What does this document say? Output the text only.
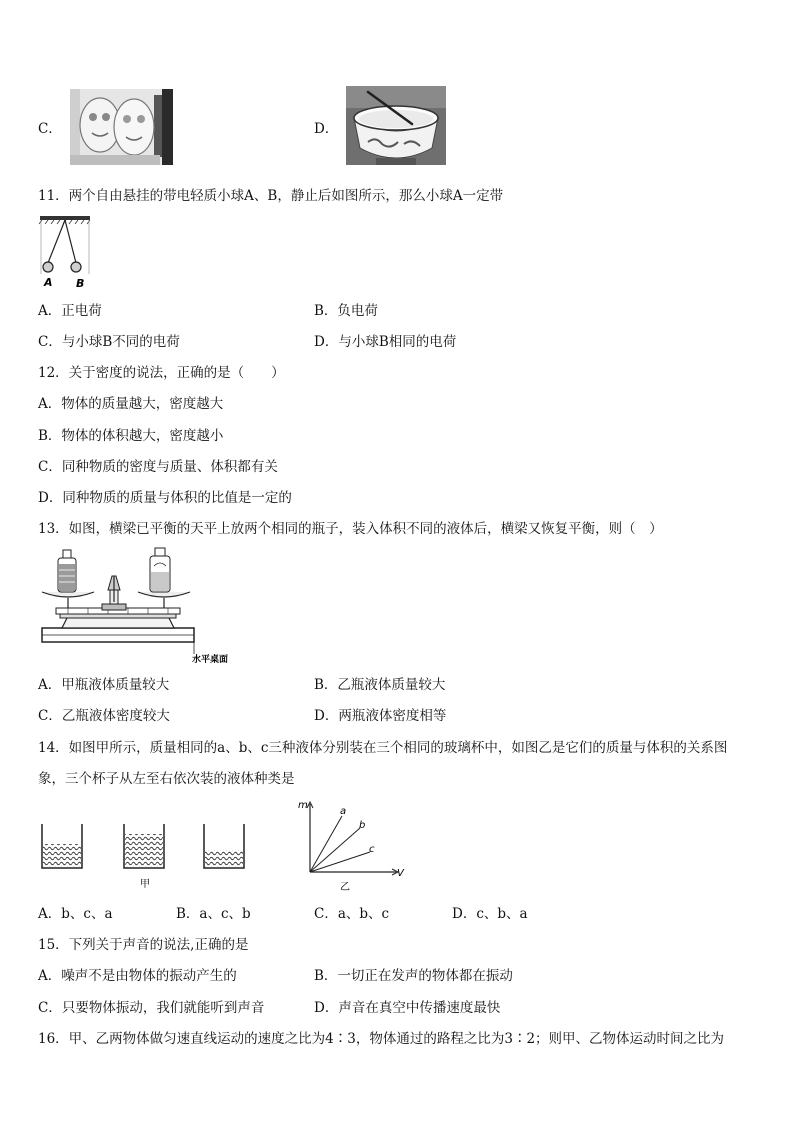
C．	D．
11．两个自由悬挂的带电轻质小球A、B，静止后如图所示，那么小球A一定带
A B
A．正电荷	B．负电荷
C．与小球B不同的电荷	D．与小球B相同的电荷
12．关于密度的说法，正确的是（　　）
A．物体的质量越大，密度越大
B．物体的体积越大，密度越小
C．同种物质的密度与质量、体积都有关
D．同种物质的质量与体积的比值是一定的
13．如图，横梁已平衡的天平上放两个相同的瓶子，装入体积不同的液体后，横梁又恢复平衡，则（　）
水平桌面
A．甲瓶液体质量较大	B．乙瓶液体质量较大
C．乙瓶液体密度较大	D．两瓶液体密度相等
14．如图甲所示，质量相同的a、b、c三种液体分别装在三个相同的玻璃杯中，如图乙是它们的质量与体积的关系图
象，三个杯子从左至右依次装的液体种类是
甲
m
V
a
b
c
乙
A．b、c、a	B．a、c、b	C．a、b、c	D．c、b、a
15．下列关于声音的说法,正确的是
A．噪声不是由物体的振动产生的	B．一切正在发声的物体都在振动
C．只要物体振动，我们就能听到声音	D．声音在真空中传播速度最快
16．甲、乙两物体做匀速直线运动的速度之比为4∶3，物体通过的路程之比为3∶2；则甲、乙物体运动时间之比为
